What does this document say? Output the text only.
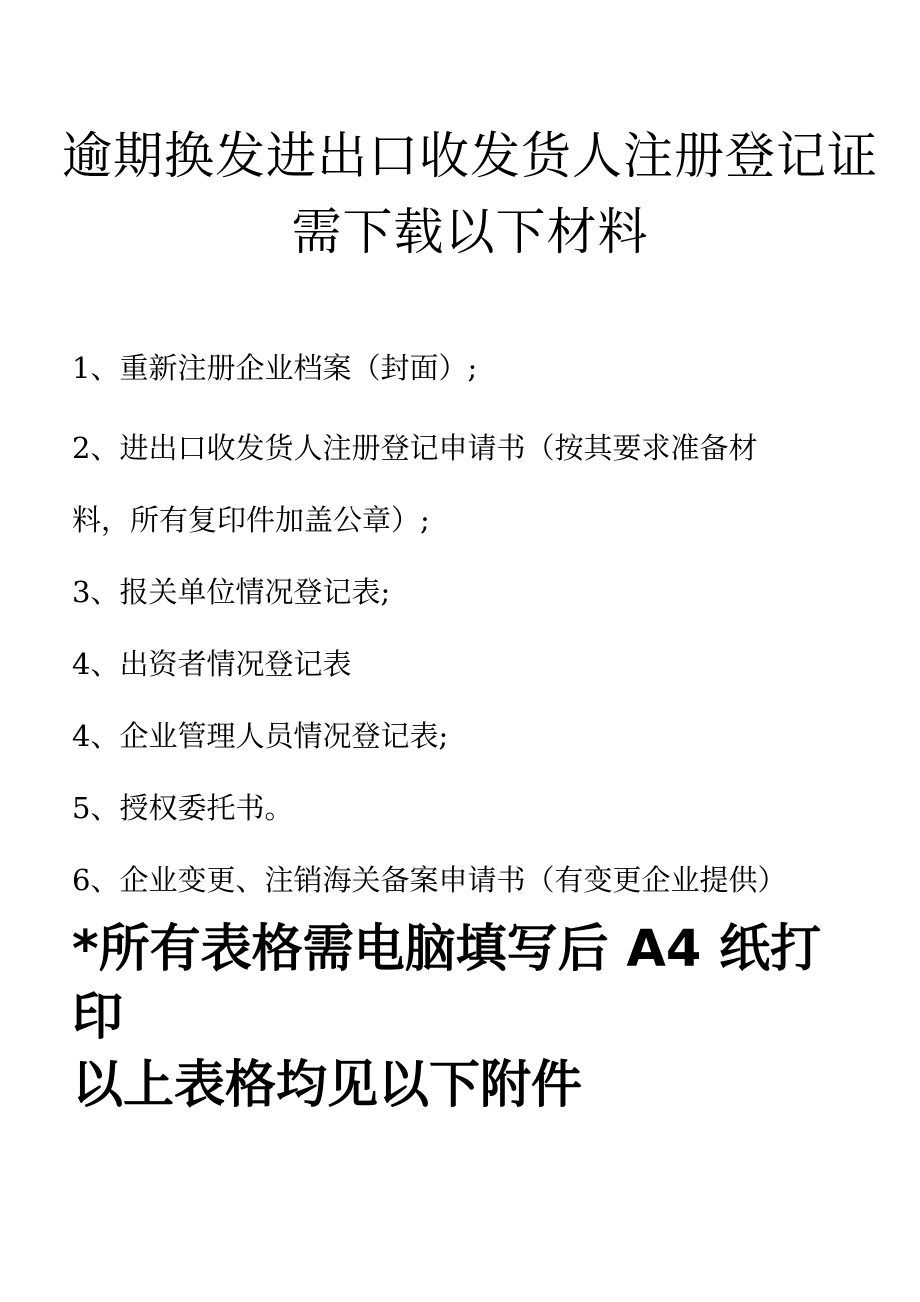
逾期换发进出口收发货人注册登记证需下载以下材料
1、重新注册企业档案（封面）;
2、进出口收发货人注册登记申请书（按其要求准备材
料，所有复印件加盖公章）;
3、报关单位情况登记表;
4、出资者情况登记表
4、企业管理人员情况登记表;
5、授权委托书。
6、企业变更、注销海关备案申请书（有变更企业提供）
*所有表格需电脑填写后 A4 纸打印
以上表格均见以下附件
